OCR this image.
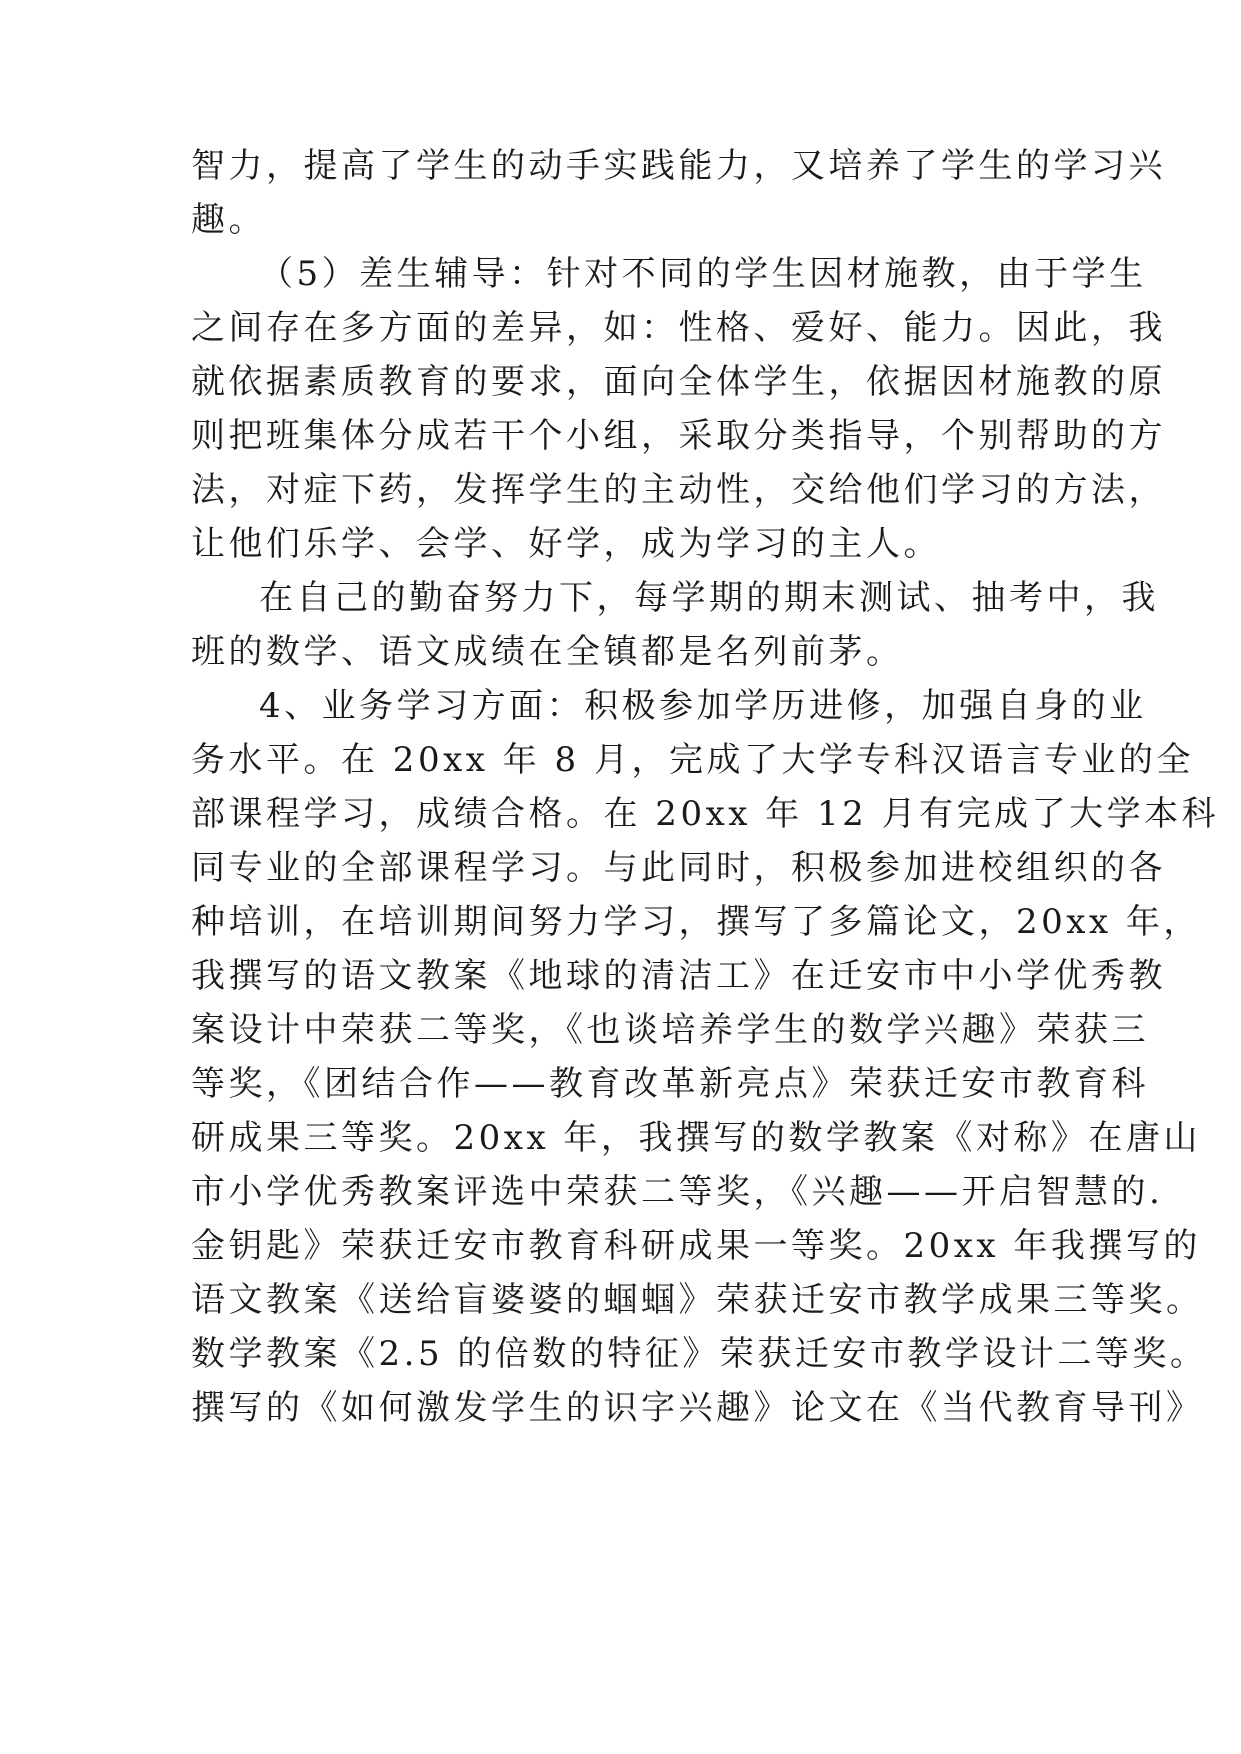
智力，提高了学生的动手实践能力，又培养了学生的学习兴
趣。
（5）差生辅导：针对不同的学生因材施教，由于学生
之间存在多方面的差异，如：性格、爱好、能力。因此，我
就依据素质教育的要求，面向全体学生，依据因材施教的原
则把班集体分成若干个小组，采取分类指导，个别帮助的方
法，对症下药，发挥学生的主动性，交给他们学习的方法，
让他们乐学、会学、好学，成为学习的主人。
在自己的勤奋努力下，每学期的期末测试、抽考中，我
班的数学、语文成绩在全镇都是名列前茅。
4、业务学习方面：积极参加学历进修，加强自身的业
务水平。在 20xx 年 8 月，完成了大学专科汉语言专业的全
部课程学习，成绩合格。在 20xx 年 12 月有完成了大学本科
同专业的全部课程学习。与此同时，积极参加进校组织的各
种培训，在培训期间努力学习，撰写了多篇论文，20xx 年，
我撰写的语文教案《地球的清洁工》在迁安市中小学优秀教
案设计中荣获二等奖，《也谈培养学生的数学兴趣》荣获三
等奖，《团结合作——教育改革新亮点》荣获迁安市教育科
研成果三等奖。20xx 年，我撰写的数学教案《对称》在唐山
市小学优秀教案评选中荣获二等奖，《兴趣——开启智慧的.
金钥匙》荣获迁安市教育科研成果一等奖。20xx 年我撰写的
语文教案《送给盲婆婆的蝈蝈》荣获迁安市教学成果三等奖。
数学教案《2.5 的倍数的特征》荣获迁安市教学设计二等奖。
撰写的《如何激发学生的识字兴趣》论文在《当代教育导刊》
